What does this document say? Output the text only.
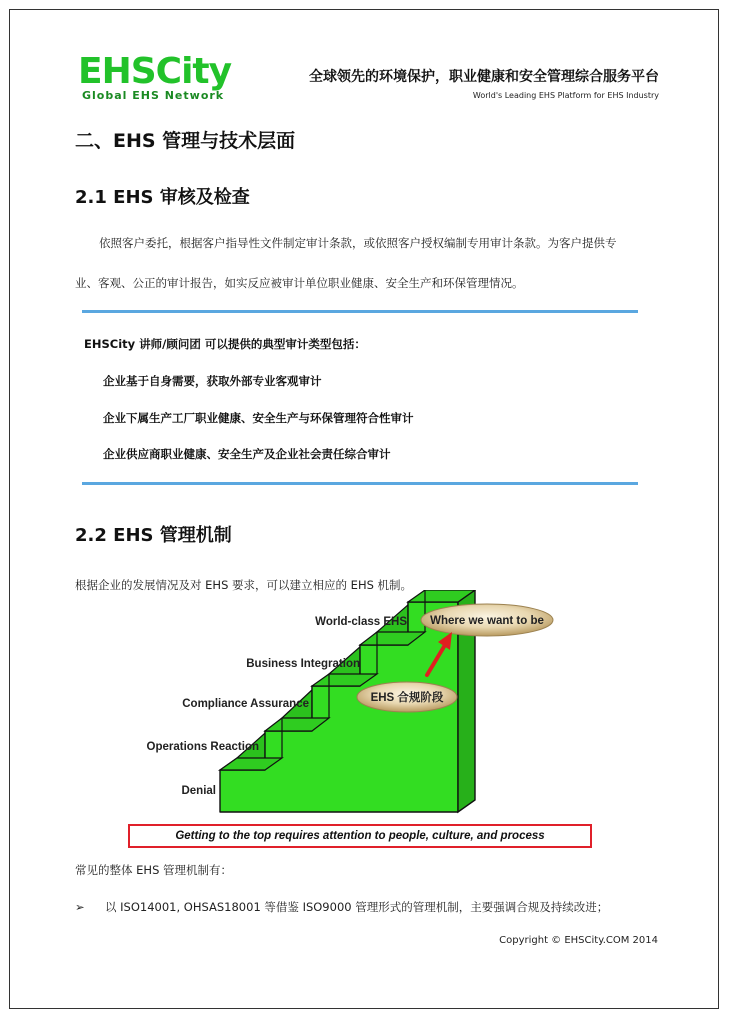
EHSCity
Global EHS Network
全球领先的环境保护，职业健康和安全管理综合服务平台
World's Leading EHS Platform for EHS Industry
二、EHS 管理与技术层面
2.1 EHS 审核及检查
依照客户委托，根据客户指导性文件制定审计条款，或依照客户授权编制专用审计条款。为客户提供专
业、客观、公正的审计报告，如实反应被审计单位职业健康、安全生产和环保管理情况。
EHSCity 讲师/顾问团 可以提供的典型审计类型包括：
企业基于自身需要，获取外部专业客观审计
企业下属生产工厂职业健康、安全生产与环保管理符合性审计
企业供应商职业健康、安全生产及企业社会责任综合审计
2.2 EHS 管理机制
根据企业的发展情况及对 EHS 要求，可以建立相应的 EHS 机制。
Denial
Operations Reaction
Compliance Assurance
Business Integration
World-class EHS Where we want to be
EHS 合规阶段
Getting to the top requires attention to people, culture, and process
常见的整体 EHS 管理机制有：
➢ 以 ISO14001, OHSAS18001 等借鉴 ISO9000 管理形式的管理机制，主要强调合规及持续改进；
Copyright © EHSCity.COM 2014
